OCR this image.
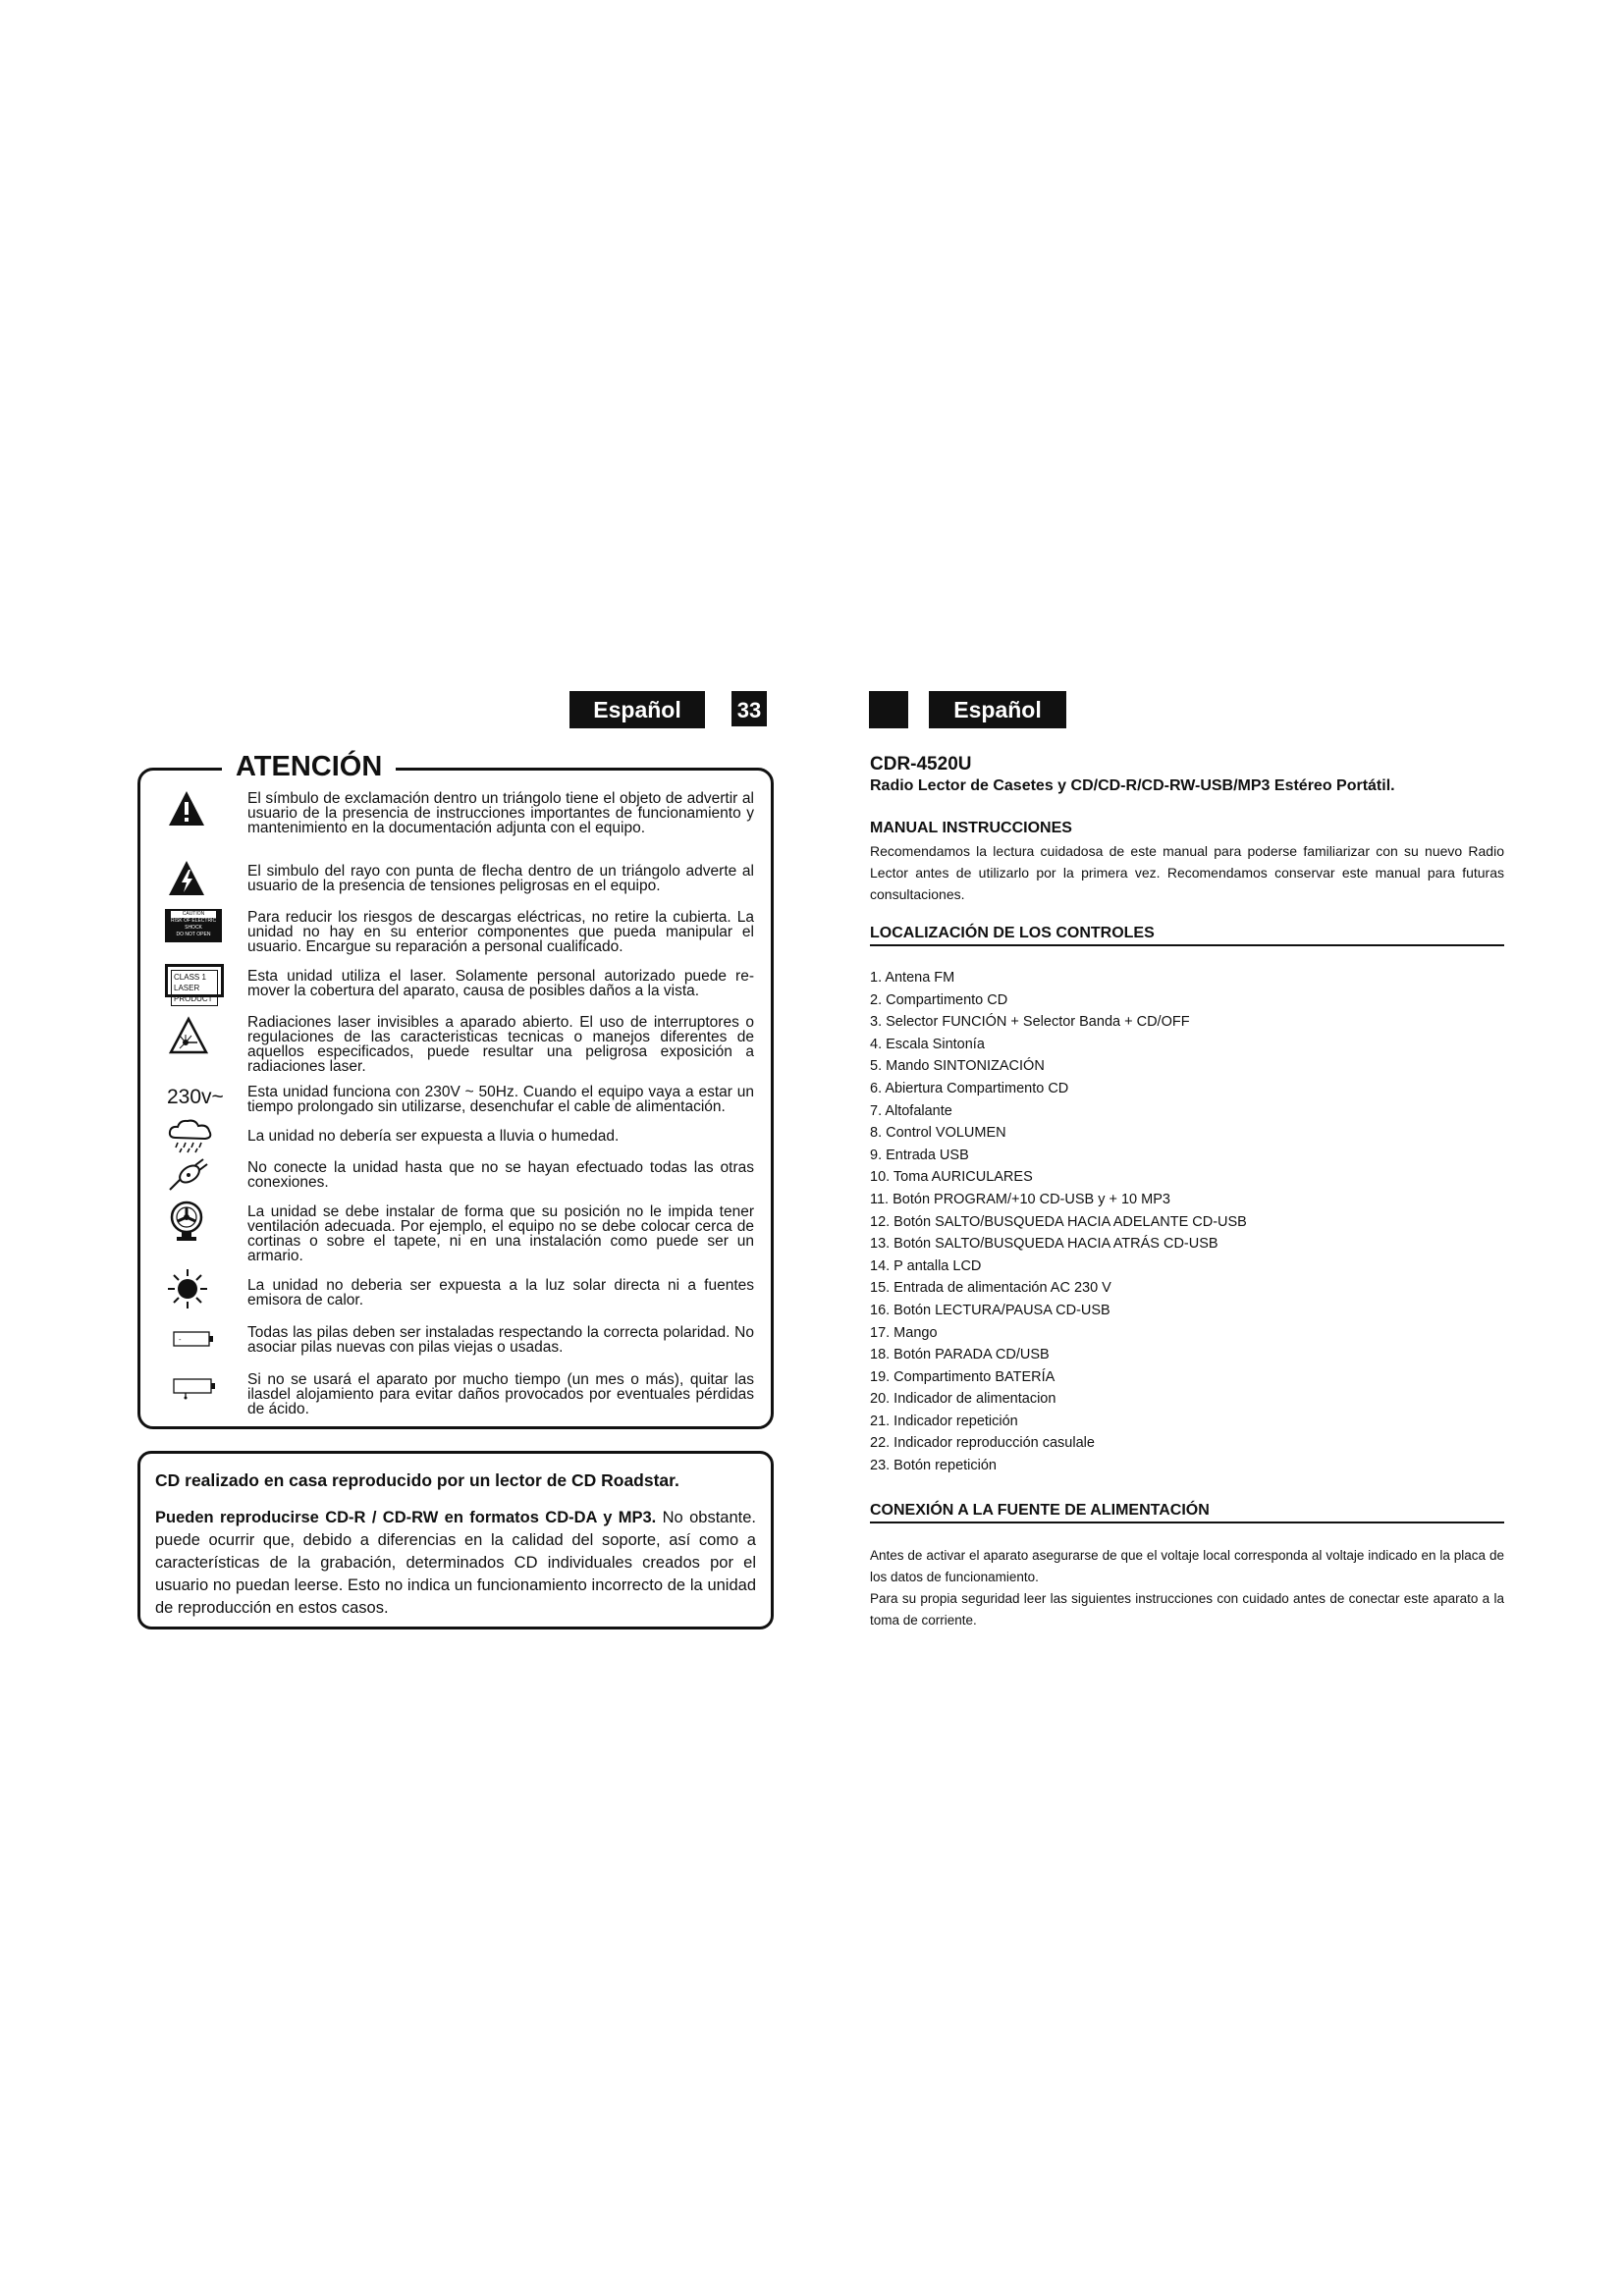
Español	33	Español
ATENCIÓN
El símbulo de exclamación dentro un triángolo tiene el objeto de advertir al usuario de la presencia de instrucciones importantes de funcionamiento y mantenimiento en la documentación adjunta con el equipo.
El simbulo del rayo con punta de flecha dentro de un triángolo adverte al usuario de la presencia de tensiones peligrosas en el equipo.
CAUTION
RISK OF ELECTRIC
SHOCK
DO NOT OPEN
Para reducir los riesgos de descargas eléctricas, no retire la cubierta. La unidad no hay en su enterior componentes que pueda manipular el usuario. Encargue su reparación a personal cualificado.
CLASS 1
LASER PRODUCT
Esta unidad utiliza el laser. Solamente personal autorizado puede re- mover la cobertura del aparato, causa de posibles daños a la vista.
Radiaciones laser invisibles a aparado abierto. El uso de interruptores o regulaciones de las caracteristicas tecnicas o manejos diferentes de aquellos especificados, puede resultar una peligrosa exposición a radiaciones laser.
230v~ Esta unidad funciona con 230V ~ 50Hz. Cuando el equipo vaya a estar un tiempo prolongado sin utilizarse, desenchufar el cable de alimentación.
La unidad no debería ser expuesta a lluvia o humedad.
No conecte la unidad hasta que no se hayan efectuado todas las otras conexiones.
La unidad se debe instalar de forma que su posición no le impida tener ventilación adecuada. Por ejemplo, el equipo no se debe colocar cerca de cortinas o sobre el tapete, ni en una instalación como puede ser un armario.
La unidad no deberia ser expuesta a la luz solar directa ni a fuentes emisora de calor.
-	Todas las pilas deben ser instaladas respectando la correcta polaridad. No asociar pilas nuevas con pilas viejas o usadas.
Si no se usará el aparato por mucho tiempo (un mes o más), quitar las ilasdel alojamiento para evitar daños provocados por eventuales pérdidas de ácido.
CD realizado en casa reproducido por un lector de CD Roadstar.
Pueden reproducirse CD-R / CD-RW en formatos CD-DA y MP3. No obstante. puede ocurrir que, debido a diferencias en la calidad del soporte, así como a características de la grabación, determinados CD individuales creados por el usuario no puedan leerse. Esto no indica un funcionamiento incorrecto de la unidad de reproducción en estos casos.
CDR-4520U
Radio Lector de Casetes y CD/CD-R/CD-RW-USB/MP3 Estéreo Portátil.
MANUAL INSTRUCCIONES
Recomendamos la lectura cuidadosa de este manual para poderse familiarizar con su nuevo Radio Lector antes de utilizarlo por la primera vez. Recomendamos conservar este manual para futuras consultaciones.
LOCALIZACIÓN DE LOS CONTROLES
1. Antena FM
2. Compartimento CD
3. Selector FUNCIÓN + Selector Banda + CD/OFF
4. Escala Sintonía
5. Mando SINTONIZACIÓN
6. Abiertura Compartimento CD
7. Altofalante
8. Control VOLUMEN
9. Entrada USB
10. Toma AURICULARES
11. Botón PROGRAM/+10 CD-USB y + 10 MP3
12. Botón SALTO/BUSQUEDA HACIA ADELANTE CD-USB
13. Botón SALTO/BUSQUEDA HACIA ATRÁS CD-USB
14. P antalla LCD
15. Entrada de alimentación AC 230 V
16. Botón LECTURA/PAUSA CD-USB
17. Mango
18. Botón PARADA CD/USB
19. Compartimento BATERÍA
20. Indicador de alimentacion
21. Indicador repetición
22. Indicador reproducción casulale
23. Botón repetición
CONEXIÓN A LA FUENTE DE ALIMENTACIÓN
Antes de activar el aparato asegurarse de que el voltaje local corresponda al voltaje indicado en la placa de los datos de funcionamiento.
Para su propia seguridad leer las siguientes instrucciones con cuidado antes de conectar este aparato a la toma de corriente.
